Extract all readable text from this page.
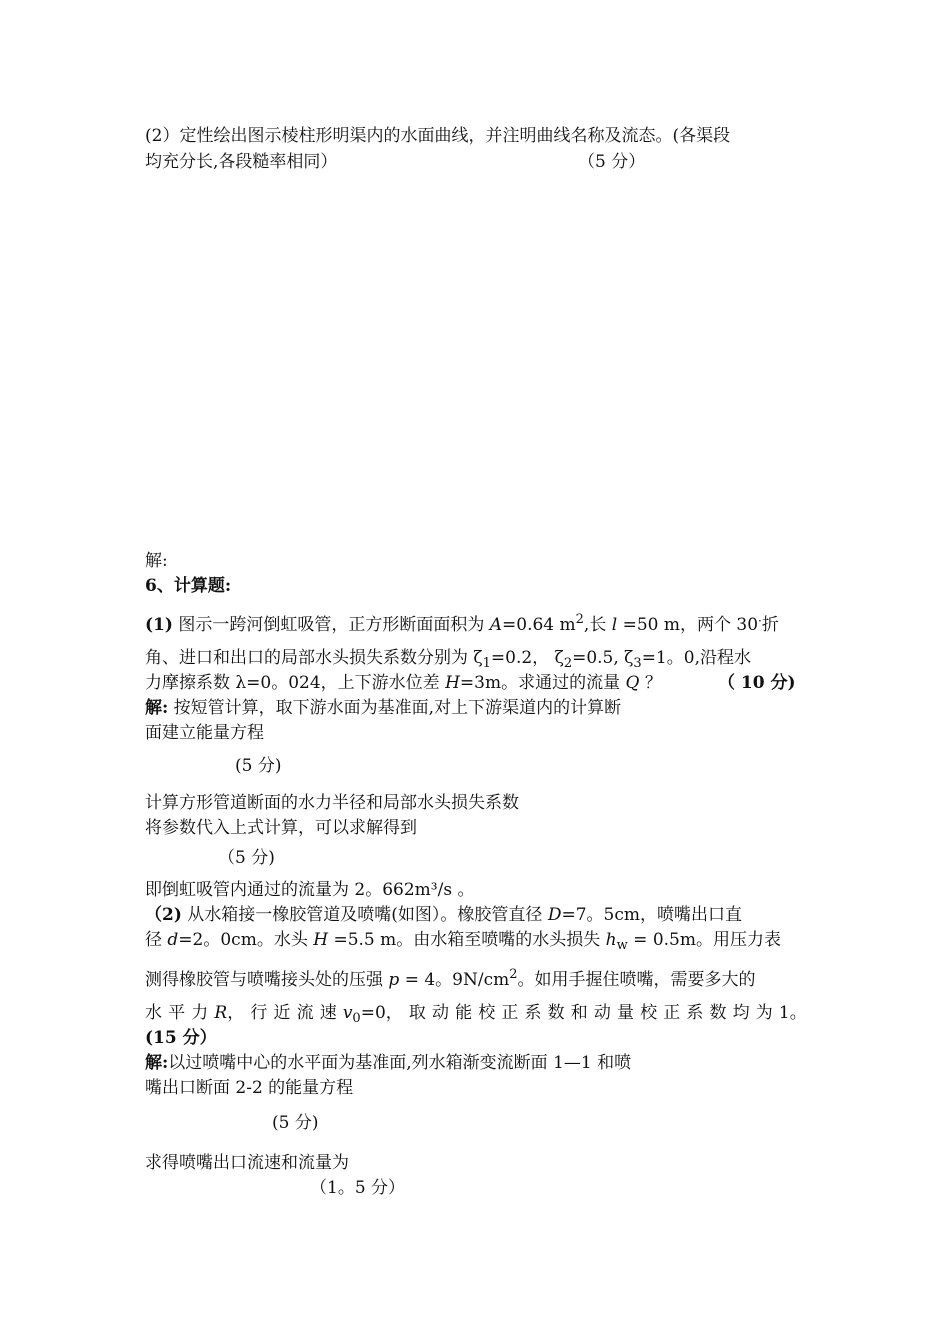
(2）定性绘出图示棱柱形明渠内的水面曲线，并注明曲线名称及流态。(各渠段
均充分长,各段糙率相同）	（5 分）
解:
6、计算题:
(1) 图示一跨河倒虹吸管，正方形断面面积为 A=0.64 $m^2$,长 l =50 m，两个 30·折
角、进口和出口的局部水头损失系数分别为 $\zeta_1=0.2$， $\zeta_2=0.5$, $\zeta_3=1$。0,沿程水
力摩擦系数 λ=0。024，上下游水位差 H=3m。求通过的流量 Q ？	（ 10 分)
解: 按短管计算，取下游水面为基准面,对上下游渠道内的计算断
面建立能量方程
(5 分)
计算方形管道断面的水力半径和局部水头损失系数
将参数代入上式计算，可以求解得到
（5 分)
即倒虹吸管内通过的流量为 2。662m³/s 。
（2) 从水箱接一橡胶管道及喷嘴(如图）。橡胶管直径 D=7。5cm，喷嘴出口直
径 d=2。0cm。水头 H =5.5 m。由水箱至喷嘴的水头损失 $h_w = 0.5m$。用压力表
测得橡胶管与喷嘴接头处的压强 p = 4。$9N/cm^2$。如用手握住喷嘴，需要多大的
水 平 力 R， 行 近 流 速 $v_0=0$， 取 动 能 校 正 系 数 和 动 量 校 正 系 数 均 为 1。
(15 分）
解:以过喷嘴中心的水平面为基准面,列水箱渐变流断面 1—1 和喷
嘴出口断面 2-2 的能量方程
(5 分)
求得喷嘴出口流速和流量为
（1。5 分）
